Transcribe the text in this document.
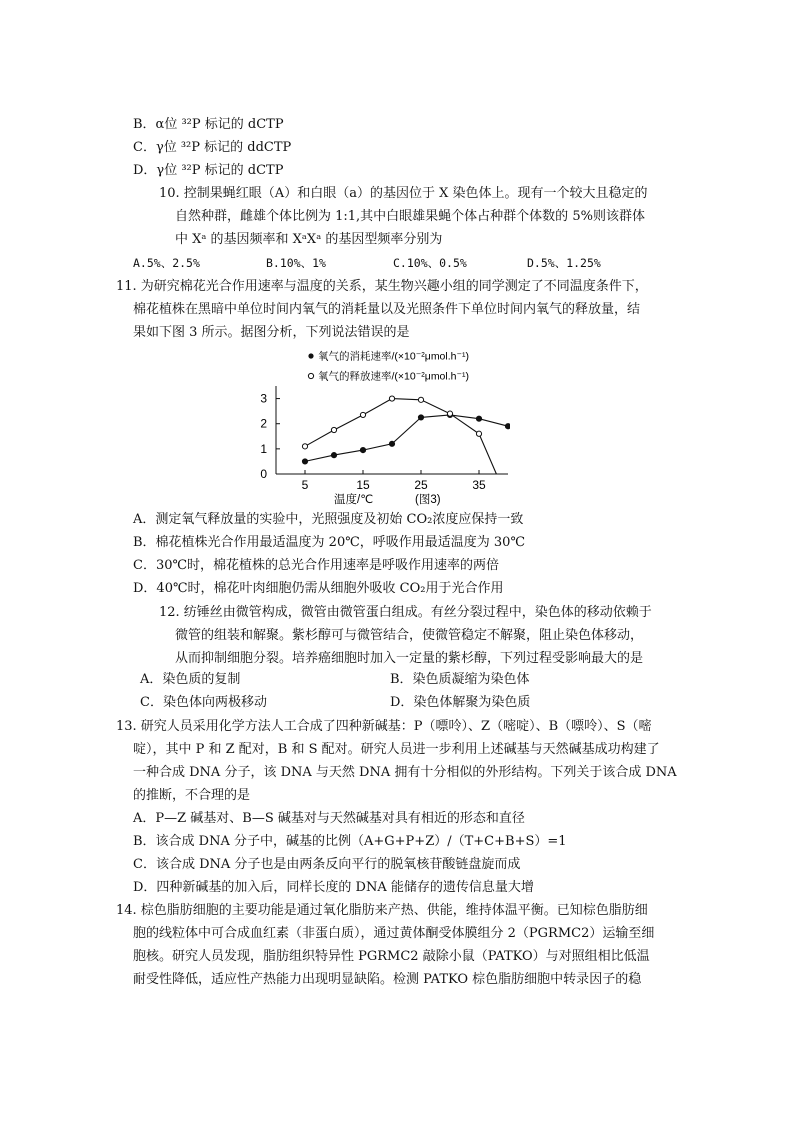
B．α位 ³²P 标记的 dCTP
C．γ位 ³²P 标记的 ddCTP
D．γ位 ³²P 标记的 dCTP
10. 控制果蝇红眼（A）和白眼（a）的基因位于 X 染色体上。现有一个较大且稳定的
自然种群，雌雄个体比例为 1:1,其中白眼雄果蝇个体占种群个体数的 5%则该群体
中 Xᵃ 的基因频率和 XᵃXᵃ 的基因型频率分别为
A.5%、2.5%	B.10%、1%	C.10%、0.5%	D.5%、1.25%
11. 为研究棉花光合作用速率与温度的关系，某生物兴趣小组的同学测定了不同温度条件下，
棉花植株在黑暗中单位时间内氧气的消耗量以及光照条件下单位时间内氧气的释放量，结
果如下图 3 所示。据图分析，下列说法错误的是
氧气的消耗速率/(×10⁻²μmol.h⁻¹)
氧气的释放速率/(×10⁻²μmol.h⁻¹)
0
1
2
3
5	15	25	35
温度/℃	(图3)
A．测定氧气释放量的实验中，光照强度及初始 CO₂浓度应保持一致
B．棉花植株光合作用最适温度为 20℃，呼吸作用最适温度为 30℃
C．30℃时，棉花植株的总光合作用速率是呼吸作用速率的两倍
D．40℃时，棉花叶肉细胞仍需从细胞外吸收 CO₂用于光合作用
12. 纺锤丝由微管构成，微管由微管蛋白组成。有丝分裂过程中，染色体的移动依赖于
微管的组装和解聚。紫杉醇可与微管结合，使微管稳定不解聚，阻止染色体移动，
从而抑制细胞分裂。培养癌细胞时加入一定量的紫杉醇，下列过程受影响最大的是
A．染色质的复制	B．染色质凝缩为染色体
C．染色体向两极移动	D．染色体解聚为染色质
13. 研究人员采用化学方法人工合成了四种新碱基：P（嘌呤）、Z（嘧啶）、B（嘌呤）、S（嘧
啶），其中 P 和 Z 配对，B 和 S 配对。研究人员进一步利用上述碱基与天然碱基成功构建了
一种合成 DNA 分子，该 DNA 与天然 DNA 拥有十分相似的外形结构。下列关于该合成 DNA
的推断，不合理的是
A．P—Z 碱基对、B—S 碱基对与天然碱基对具有相近的形态和直径
B．该合成 DNA 分子中，碱基的比例（A+G+P+Z）/（T+C+B+S）=1
C．该合成 DNA 分子也是由两条反向平行的脱氧核苷酸链盘旋而成
D．四种新碱基的加入后，同样长度的 DNA 能储存的遗传信息量大增
14. 棕色脂肪细胞的主要功能是通过氧化脂肪来产热、供能，维持体温平衡。已知棕色脂肪细
胞的线粒体中可合成血红素（非蛋白质），通过黄体酮受体膜组分 2（PGRMC2）运输至细
胞核。研究人员发现，脂肪组织特异性 PGRMC2 敲除小鼠（PATKO）与对照组相比低温
耐受性降低，适应性产热能力出现明显缺陷。检测 PATKO 棕色脂肪细胞中转录因子的稳
